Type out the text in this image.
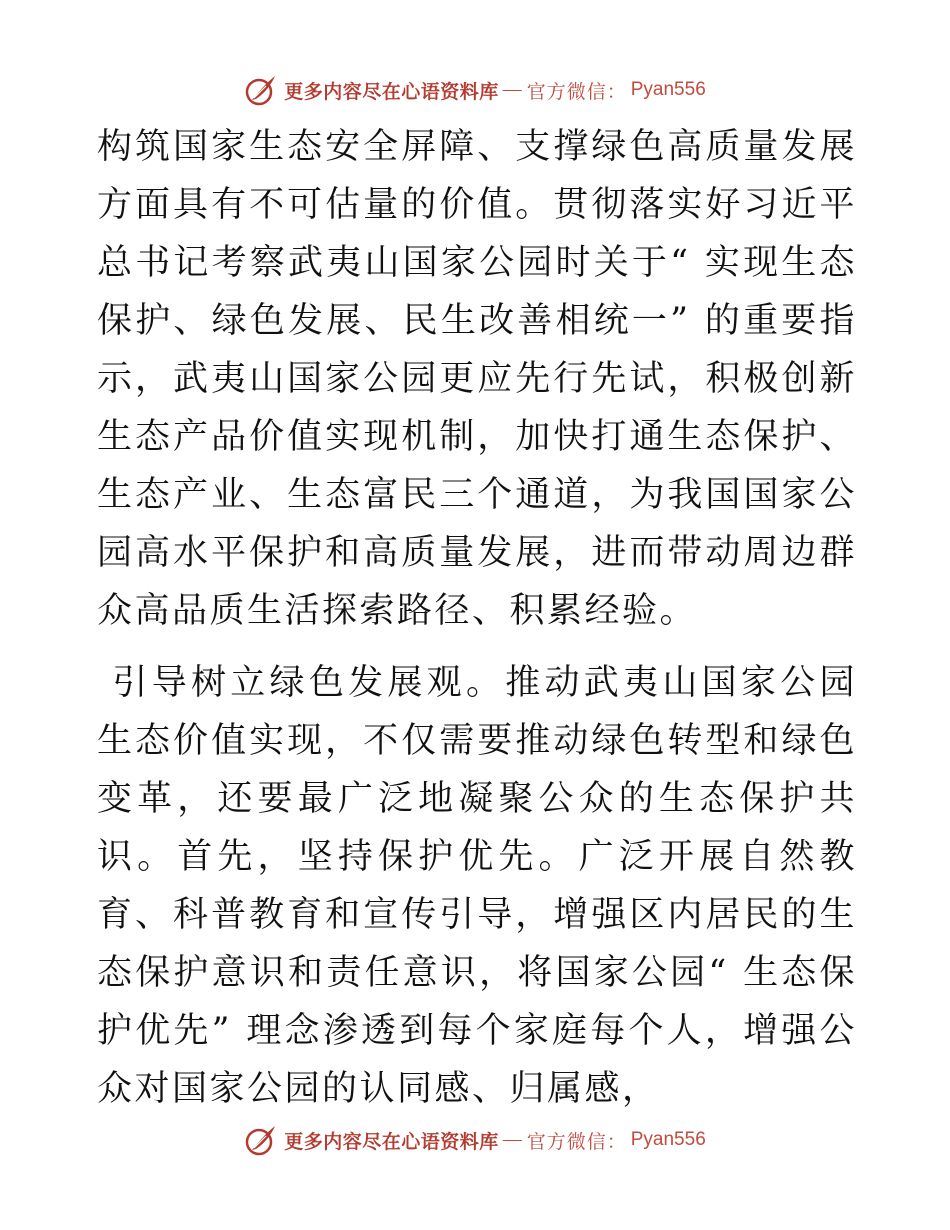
更多内容尽在心语资料库 — 官方微信： Pyan556

构筑国家生态安全屏障、支撑绿色高质量发展方面具有不可估量的价值。贯彻落实好习近平总书记考察武夷山国家公园时关于“ 实现生态保护、绿色发展、民生改善相统一” 的重要指示，武夷山国家公园更应先行先试，积极创新生态产品价值实现机制，加快打通生态保护、生态产业、生态富民三个通道，为我国国家公园高水平保护和高质量发展，进而带动周边群众高品质生活探索路径、积累经验。

引导树立绿色发展观。推动武夷山国家公园生态价值实现，不仅需要推动绿色转型和绿色变革，还要最广泛地凝聚公众的生态保护共识。首先，坚持保护优先。广泛开展自然教育、科普教育和宣传引导，增强区内居民的生态保护意识和责任意识，将国家公园“ 生态保护优先” 理念渗透到每个家庭每个人，增强公众对国家公园的认同感、归属感，

更多内容尽在心语资料库 — 官方微信： Pyan556
